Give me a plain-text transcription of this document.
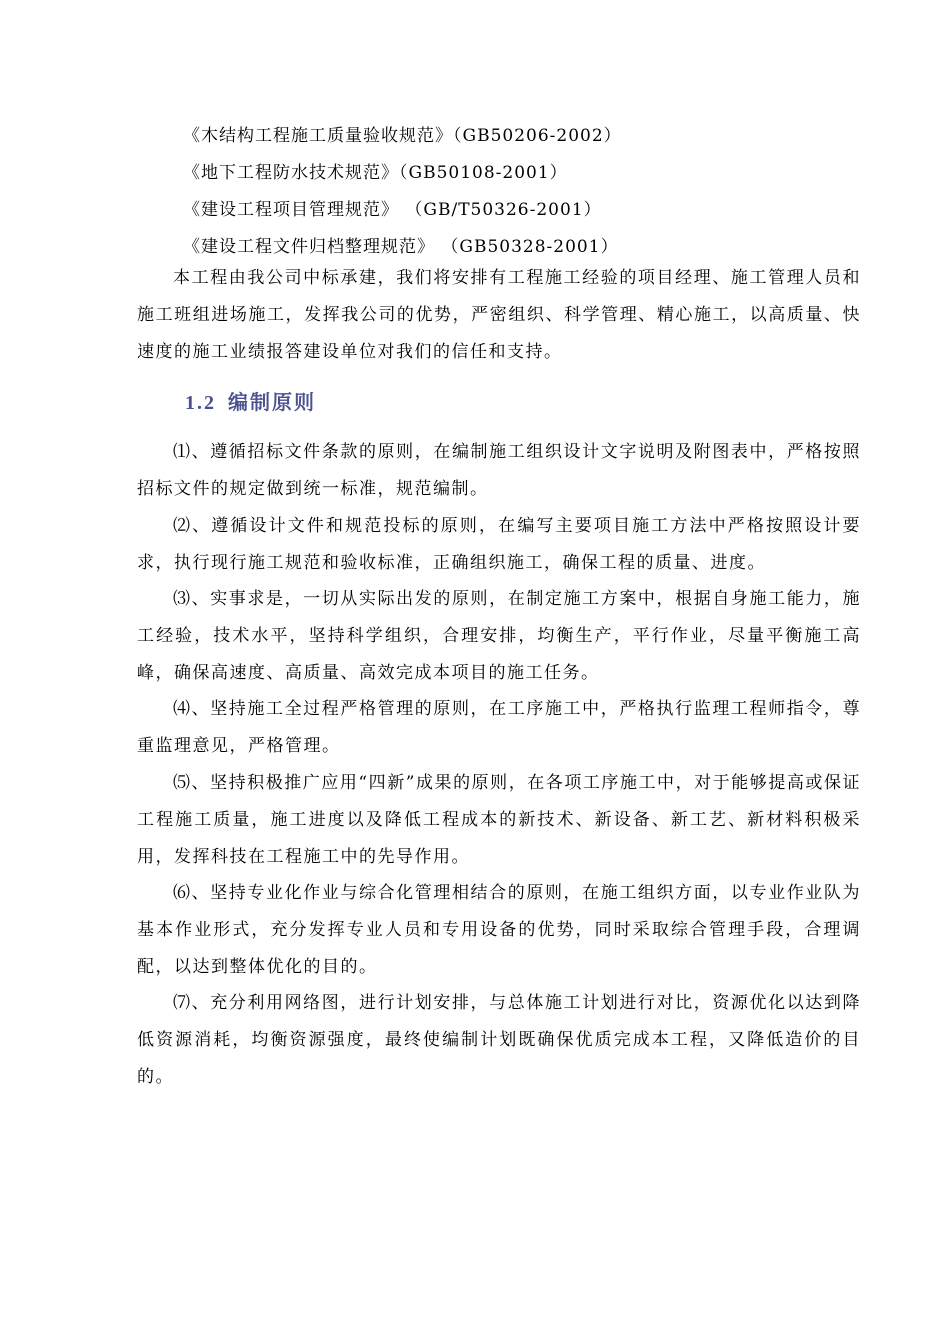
《木结构工程施工质量验收规范》（GB50206-2002）
《地下工程防水技术规范》（GB50108-2001）
《建设工程项目管理规范》 （GB/T50326-2001）
《建设工程文件归档整理规范》 （GB50328-2001）
本工程由我公司中标承建，我们将安排有工程施工经验的项目经理、施工管理人员和施工班组进场施工，发挥我公司的优势，严密组织、科学管理、精心施工，以高质量、快速度的施工业绩报答建设单位对我们的信任和支持。
1.2 编制原则
⑴、遵循招标文件条款的原则，在编制施工组织设计文字说明及附图表中，严格按照招标文件的规定做到统一标准，规范编制。
⑵、遵循设计文件和规范投标的原则，在编写主要项目施工方法中严格按照设计要求，执行现行施工规范和验收标准，正确组织施工，确保工程的质量、进度。
⑶、实事求是，一切从实际出发的原则，在制定施工方案中，根据自身施工能力，施工经验，技术水平，坚持科学组织，合理安排，均衡生产，平行作业，尽量平衡施工高峰，确保高速度、高质量、高效完成本项目的施工任务。
⑷、坚持施工全过程严格管理的原则，在工序施工中，严格执行监理工程师指令，尊重监理意见，严格管理。
⑸、坚持积极推广应用“四新”成果的原则，在各项工序施工中，对于能够提高或保证工程施工质量，施工进度以及降低工程成本的新技术、新设备、新工艺、新材料积极采用，发挥科技在工程施工中的先导作用。
⑹、坚持专业化作业与综合化管理相结合的原则，在施工组织方面，以专业作业队为基本作业形式，充分发挥专业人员和专用设备的优势，同时采取综合管理手段，合理调配，以达到整体优化的目的。
⑺、充分利用网络图，进行计划安排，与总体施工计划进行对比，资源优化以达到降低资源消耗，均衡资源强度，最终使编制计划既确保优质完成本工程，又降低造价的目的。
